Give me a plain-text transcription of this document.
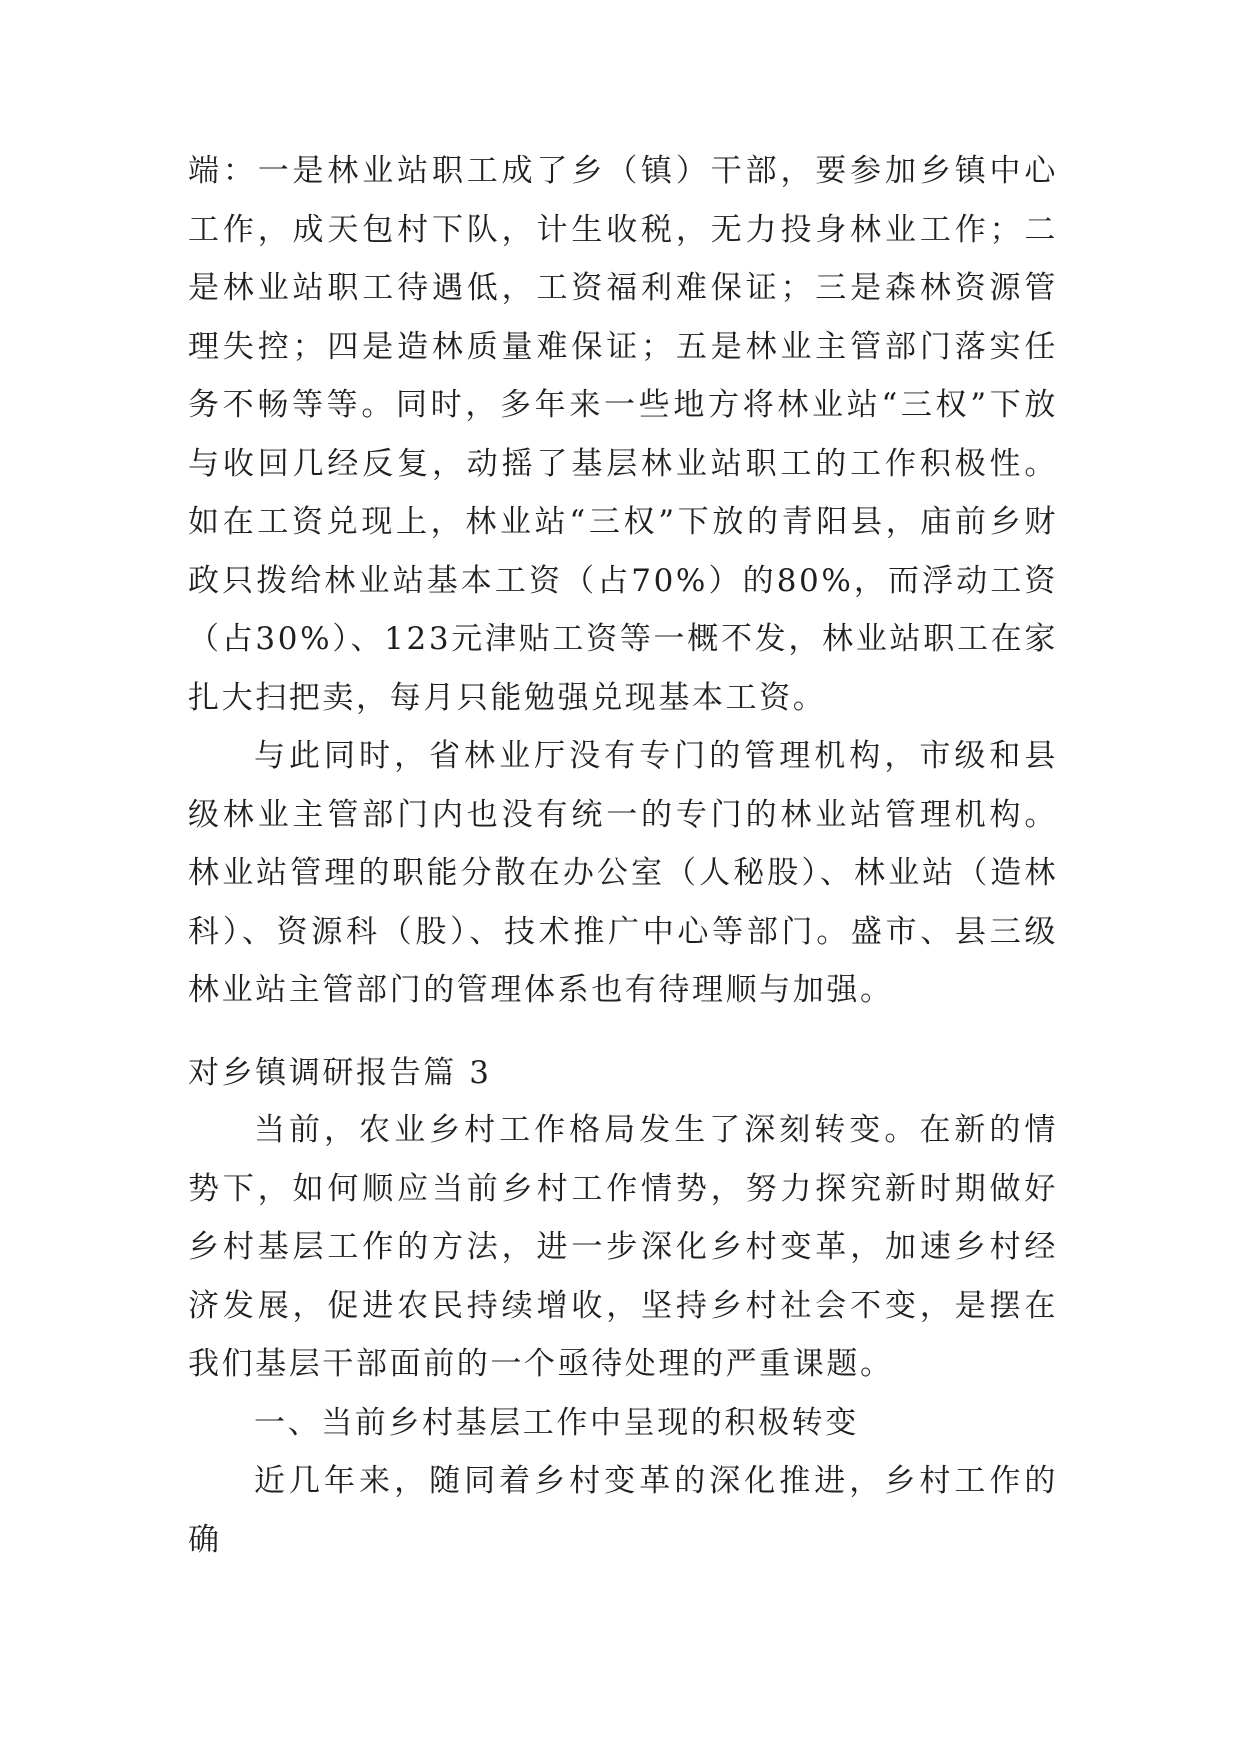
端：一是林业站职工成了乡（镇）干部，要参加乡镇中心工作，成天包村下队，计生收税，无力投身林业工作；二是林业站职工待遇低，工资福利难保证；三是森林资源管理失控；四是造林质量难保证；五是林业主管部门落实任务不畅等等。同时，多年来一些地方将林业站“三权”下放与收回几经反复，动摇了基层林业站职工的工作积极性。如在工资兑现上，林业站“三权”下放的青阳县，庙前乡财政只拨给林业站基本工资（占70%）的80%，而浮动工资（占30%）、123元津贴工资等一概不发，林业站职工在家扎大扫把卖，每月只能勉强兑现基本工资。

与此同时，省林业厅没有专门的管理机构，市级和县级林业主管部门内也没有统一的专门的林业站管理机构。林业站管理的职能分散在办公室（人秘股）、林业站（造林科）、资源科（股）、技术推广中心等部门。盛市、县三级林业站主管部门的管理体系也有待理顺与加强。

对乡镇调研报告篇 3

当前，农业乡村工作格局发生了深刻转变。在新的情势下，如何顺应当前乡村工作情势，努力探究新时期做好乡村基层工作的方法，进一步深化乡村变革，加速乡村经济发展，促进农民持续增收，坚持乡村社会不变，是摆在我们基层干部面前的一个亟待处理的严重课题。

一、当前乡村基层工作中呈现的积极转变

近几年来，随同着乡村变革的深化推进，乡村工作的确
